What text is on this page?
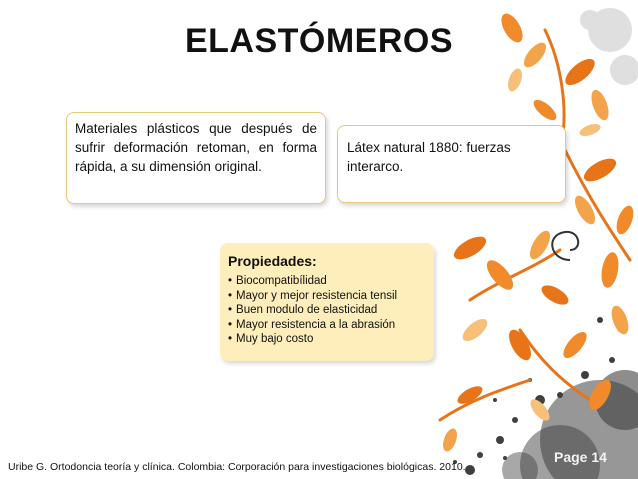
ELASTÓMEROS
Materiales plásticos que después de sufrir deformación retoman, en forma rápida, a su dimensión original.
Látex natural 1880: fuerzas interarco.
Propiedades:
• Biocompatibílidad
• Mayor y mejor resistencia tensil
• Buen modulo de elasticidad
• Mayor resistencia a la abrasión
• Muy bajo costo
Page 14
Uribe G. Ortodoncia teoría y clínica. Colombia: Corporación para investigaciones biológicas. 2010.
